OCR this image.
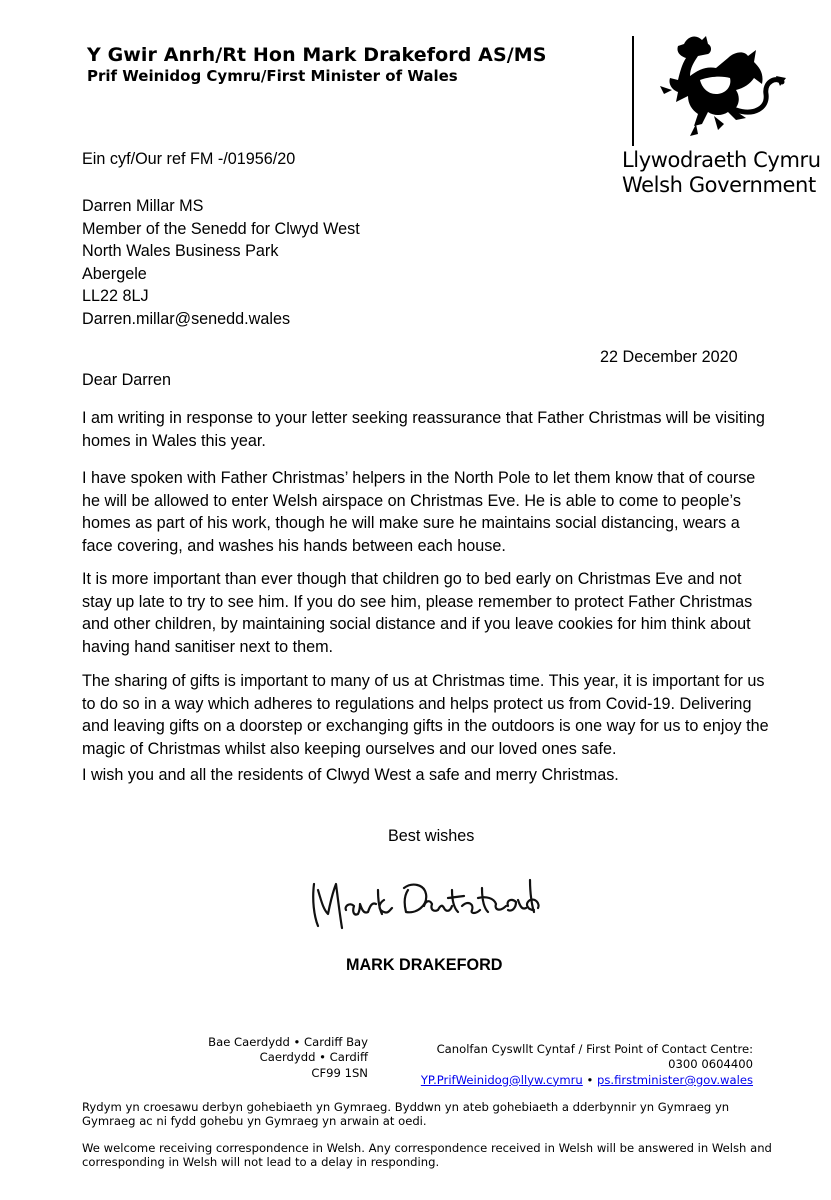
Y Gwir Anrh/Rt Hon Mark Drakeford AS/MS
Prif Weinidog Cymru/First Minister of Wales
Llywodraeth Cymru
Welsh Government
Ein cyf/Our ref FM -/01956/20
Darren Millar MS
Member of the Senedd for Clwyd West
North Wales Business Park
Abergele
LL22 8LJ
Darren.millar@senedd.wales
22 December 2020
Dear Darren
I am writing in response to your letter seeking reassurance that Father Christmas will be visiting homes in Wales this year.
I have spoken with Father Christmas’ helpers in the North Pole to let them know that of course he will be allowed to enter Welsh airspace on Christmas Eve. He is able to come to people’s homes as part of his work, though he will make sure he maintains social distancing, wears a face covering, and washes his hands between each house.
It is more important than ever though that children go to bed early on Christmas Eve and not stay up late to try to see him. If you do see him, please remember to protect Father Christmas and other children, by maintaining social distance and if you leave cookies for him think about having hand sanitiser next to them.
The sharing of gifts is important to many of us at Christmas time. This year, it is important for us to do so in a way which adheres to regulations and helps protect us from Covid-19. Delivering and leaving gifts on a doorstep or exchanging gifts in the outdoors is one way for us to enjoy the magic of Christmas whilst also keeping ourselves and our loved ones safe.
I wish you and all the residents of Clwyd West a safe and merry Christmas.
Best wishes
MARK DRAKEFORD
Bae Caerdydd • Cardiff Bay
Caerdydd • Cardiff
CF99 1SN
Canolfan Cyswllt Cyntaf / First Point of Contact Centre:
0300 0604400
YP.PrifWeinidog@llyw.cymru • ps.firstminister@gov.wales
Rydym yn croesawu derbyn gohebiaeth yn Gymraeg. Byddwn yn ateb gohebiaeth a dderbynnir yn Gymraeg yn Gymraeg ac ni fydd gohebu yn Gymraeg yn arwain at oedi.
We welcome receiving correspondence in Welsh. Any correspondence received in Welsh will be answered in Welsh and corresponding in Welsh will not lead to a delay in responding.
